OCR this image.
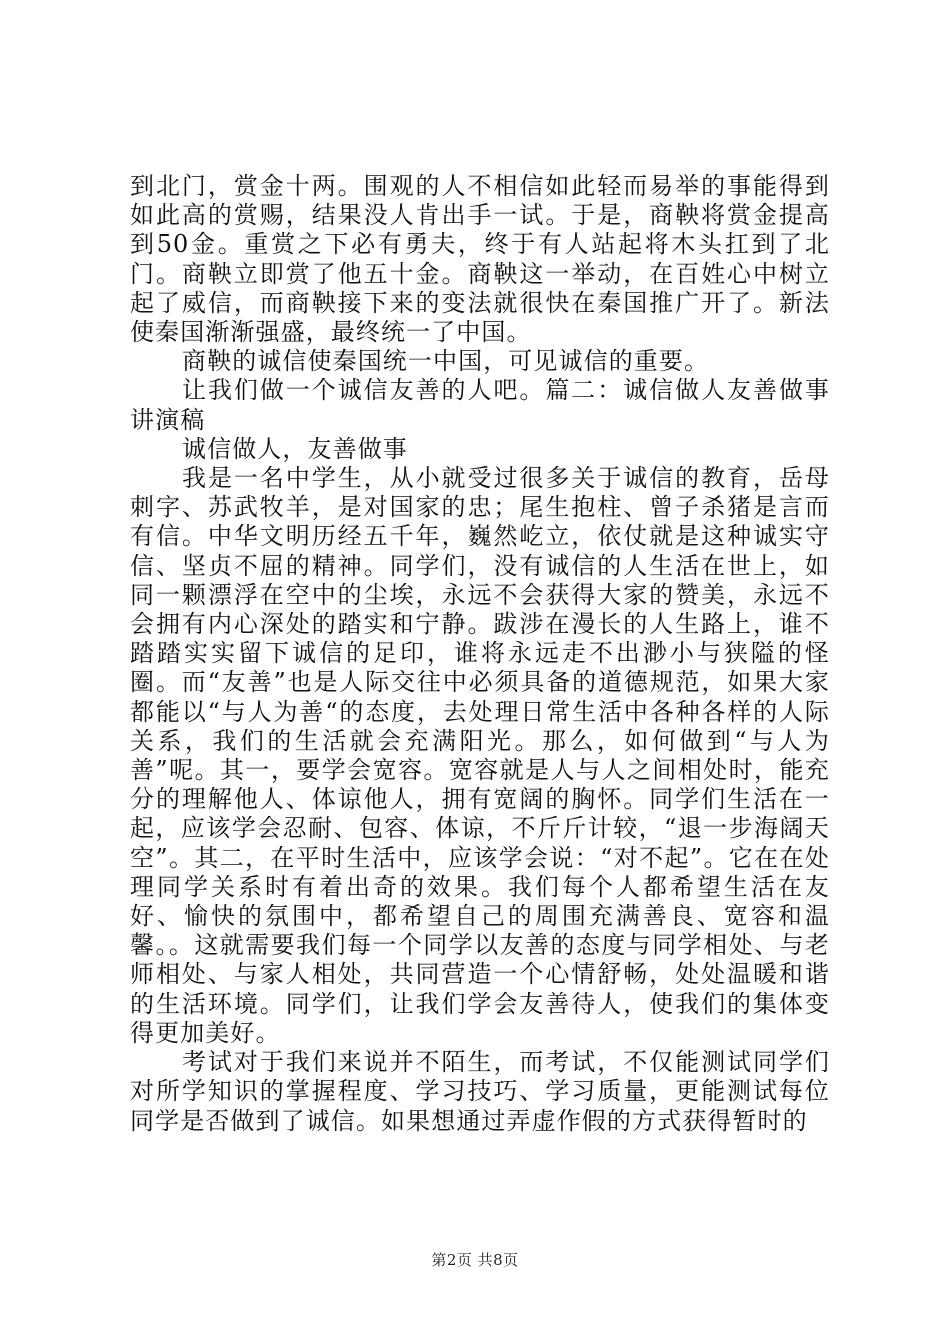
到北门，赏金十两。围观的人不相信如此轻而易举的事能得到如此高的赏赐，结果没人肯出手一试。于是，商鞅将赏金提高到50金。重赏之下必有勇夫，终于有人站起将木头扛到了北门。商鞅立即赏了他五十金。商鞅这一举动，在百姓心中树立起了威信，而商鞅接下来的变法就很快在秦国推广开了。新法使秦国渐渐强盛，最终统一了中国。

商鞅的诚信使秦国统一中国，可见诚信的重要。

让我们做一个诚信友善的人吧。篇二：诚信做人友善做事讲演稿

诚信做人，友善做事

我是一名中学生，从小就受过很多关于诚信的教育，岳母刺字、苏武牧羊，是对国家的忠；尾生抱柱、曾子杀猪是言而有信。中华文明历经五千年，巍然屹立，依仗就是这种诚实守信、坚贞不屈的精神。同学们，没有诚信的人生活在世上，如同一颗漂浮在空中的尘埃，永远不会获得大家的赞美，永远不会拥有内心深处的踏实和宁静。跋涉在漫长的人生路上，谁不踏踏实实留下诚信的足印，谁将永远走不出渺小与狭隘的怪圈。而“友善”也是人际交往中必须具备的道德规范，如果大家都能以“与人为善“的态度，去处理日常生活中各种各样的人际关系，我们的生活就会充满阳光。那么，如何做到“与人为善”呢。其一，要学会宽容。宽容就是人与人之间相处时，能充分的理解他人、体谅他人，拥有宽阔的胸怀。同学们生活在一起，应该学会忍耐、包容、体谅，不斤斤计较，“退一步海阔天空”。其二，在平时生活中，应该学会说：“对不起”。它在在处理同学关系时有着出奇的效果。我们每个人都希望生活在友好、愉快的氛围中，都希望自己的周围充满善良、宽容和温馨。。这就需要我们每一个同学以友善的态度与同学相处、与老师相处、与家人相处，共同营造一个心情舒畅，处处温暖和谐的生活环境。同学们，让我们学会友善待人，使我们的集体变得更加美好。

考试对于我们来说并不陌生，而考试，不仅能测试同学们对所学知识的掌握程度、学习技巧、学习质量，更能测试每位同学是否做到了诚信。如果想通过弄虚作假的方式获得暂时的

第2页 共8页
